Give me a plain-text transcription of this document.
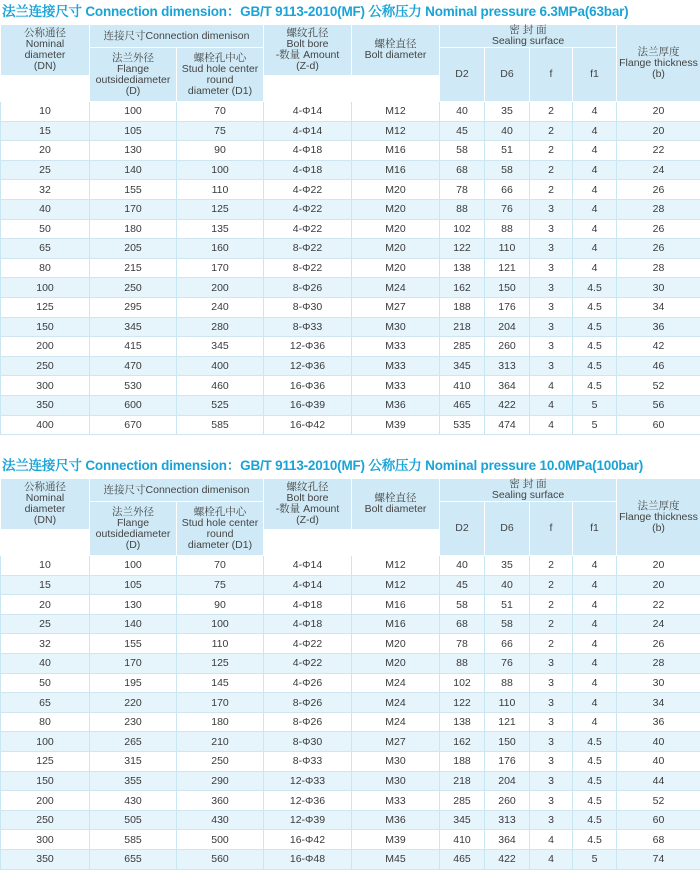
法兰连接尺寸 Connection dimension：GB/T 9113-2010(MF) 公称压力 Nominal pressure 6.3MPa(63bar)
公称通径
Nominal
diameter
(DN)	连接尺寸Connection dimenison		螺纹孔径
Bolt bore
-数量 Amount
(Z-d)	螺栓直径
Bolt diameter	密 封 面
Sealing surface				法兰厚度
Flange thickness
(b)
	法兰外径
Flange
outsidediameter
(D)	螺栓孔中心
Stud hole center
round
diameter (D1)			D2	D6	f	f1	

10	100	70	4-Φ14	M12	40	35	2	4	20
15	105	75	4-Φ14	M12	45	40	2	4	20
20	130	90	4-Φ18	M16	58	51	2	4	22
25	140	100	4-Φ18	M16	68	58	2	4	24
32	155	110	4-Φ22	M20	78	66	2	4	26
40	170	125	4-Φ22	M20	88	76	3	4	28
50	180	135	4-Φ22	M20	102	88	3	4	26
65	205	160	8-Φ22	M20	122	110	3	4	26
80	215	170	8-Φ22	M20	138	121	3	4	28
100	250	200	8-Φ26	M24	162	150	3	4.5	30
125	295	240	8-Φ30	M27	188	176	3	4.5	34
150	345	280	8-Φ33	M30	218	204	3	4.5	36
200	415	345	12-Φ36	M33	285	260	3	4.5	42
250	470	400	12-Φ36	M33	345	313	3	4.5	46
300	530	460	16-Φ36	M33	410	364	4	4.5	52
350	600	525	16-Φ39	M36	465	422	4	5	56
400	670	585	16-Φ42	M39	535	474	4	5	60
法兰连接尺寸 Connection dimension：GB/T 9113-2010(MF) 公称压力 Nominal pressure 10.0MPa(100bar)
公称通径
Nominal
diameter
(DN)	连接尺寸Connection dimenison		螺纹孔径
Bolt bore
-数量 Amount
(Z-d)	螺栓直径
Bolt diameter	密 封 面
Sealing surface				法兰厚度
Flange thickness
(b)
	法兰外径
Flange
outsidediameter
(D)	螺栓孔中心
Stud hole center
round
diameter (D1)			D2	D6	f	f1	

10	100	70	4-Φ14	M12	40	35	2	4	20
15	105	75	4-Φ14	M12	45	40	2	4	20
20	130	90	4-Φ18	M16	58	51	2	4	22
25	140	100	4-Φ18	M16	68	58	2	4	24
32	155	110	4-Φ22	M20	78	66	2	4	26
40	170	125	4-Φ22	M20	88	76	3	4	28
50	195	145	4-Φ26	M24	102	88	3	4	30
65	220	170	8-Φ26	M24	122	110	3	4	34
80	230	180	8-Φ26	M24	138	121	3	4	36
100	265	210	8-Φ30	M27	162	150	3	4.5	40
125	315	250	8-Φ33	M30	188	176	3	4.5	40
150	355	290	12-Φ33	M30	218	204	3	4.5	44
200	430	360	12-Φ36	M33	285	260	3	4.5	52
250	505	430	12-Φ39	M36	345	313	3	4.5	60
300	585	500	16-Φ42	M39	410	364	4	4.5	68
350	655	560	16-Φ48	M45	465	422	4	5	74
